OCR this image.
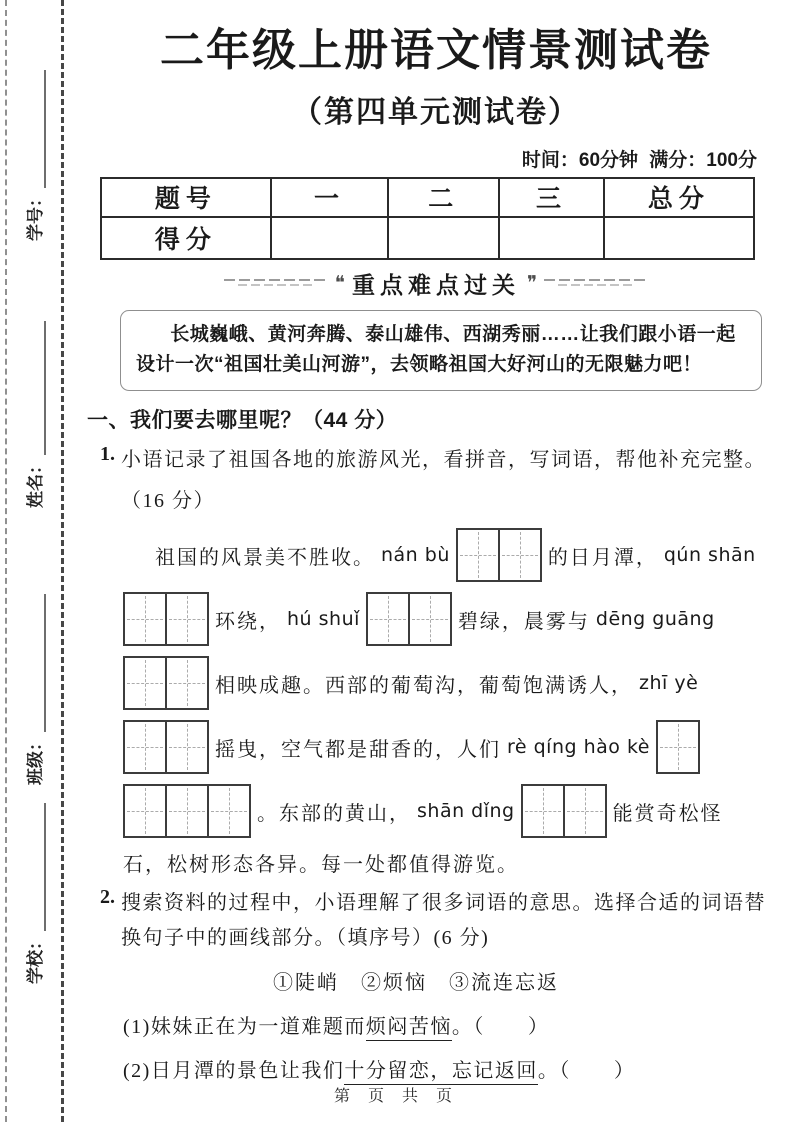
学校：
班级：
姓名：
学号：
二年级上册语文情景测试卷
（第四单元测试卷）
时间：60分钟 满分：100分
题号	一	二	三	总分
得分				
❝ 重点难点过关 ❞

长城巍峨、黄河奔腾、泰山雄伟、西湖秀丽……让我们跟小语一起设计一次“祖国壮美山河游”，去领略祖国大好河山的无限魅力吧！

一、我们要去哪里呢？（44 分）
1. 小语记录了祖国各地的旅游风光，看拼音，写词语，帮他补充完整。
（16 分）
祖国的风景美不胜收。 nán bù	的日月潭， qún shān
环绕， hú shuǐ	碧绿，晨雾与 dēng guāng
相映成趣。西部的葡萄沟，葡萄饱满诱人， zhī yè
摇曳，空气都是甜香的，人们 rè qíng hào kè
。东部的黄山， shān dǐng	能赏奇松怪
石，松树形态各异。每一处都值得游览。
2. 搜索资料的过程中，小语理解了很多词语的意思。选择合适的词语替换句子中的画线部分。（填序号）(6 分)
①陡峭　②烦恼　③流连忘返
(1)妹妹正在为一道难题而烦闷苦恼。（　　）
(2)日月潭的景色让我们十分留恋，忘记返回。（　　）
第 页 共 页
